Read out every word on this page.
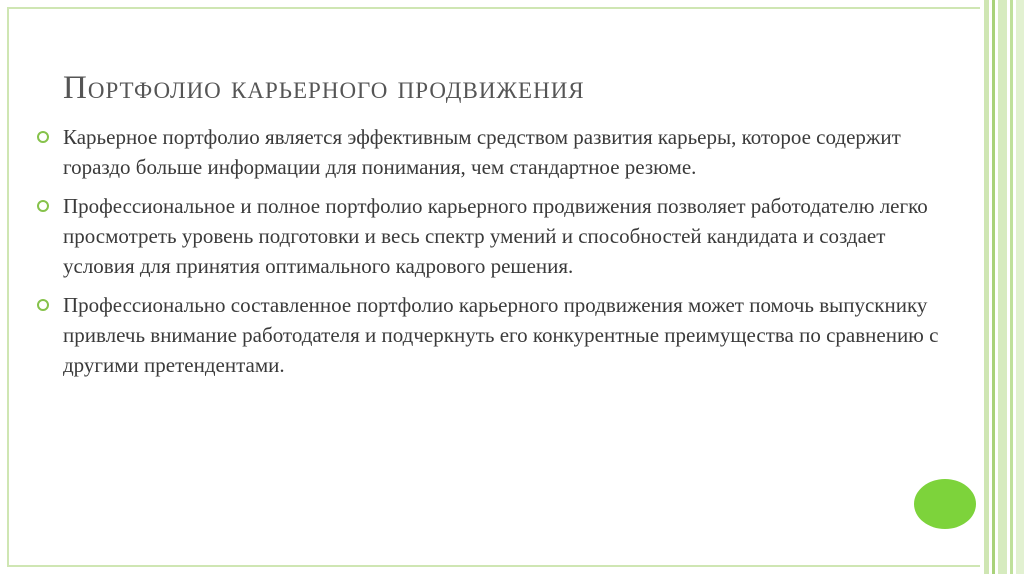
Портфолио карьерного продвижения
Карьерное портфолио является эффективным средством развития карьеры, которое содержит гораздо больше информации для понимания, чем стандартное резюме.
Профессиональное и полное портфолио карьерного продвижения позволяет работодателю легко просмотреть уровень подготовки и весь спектр умений и способностей кандидата и создает условия для принятия оптимального кадрового решения.
Профессионально составленное портфолио карьерного продвижения может помочь выпускнику привлечь внимание работодателя и подчеркнуть его конкурентные преимущества по сравнению с другими претендентами.
